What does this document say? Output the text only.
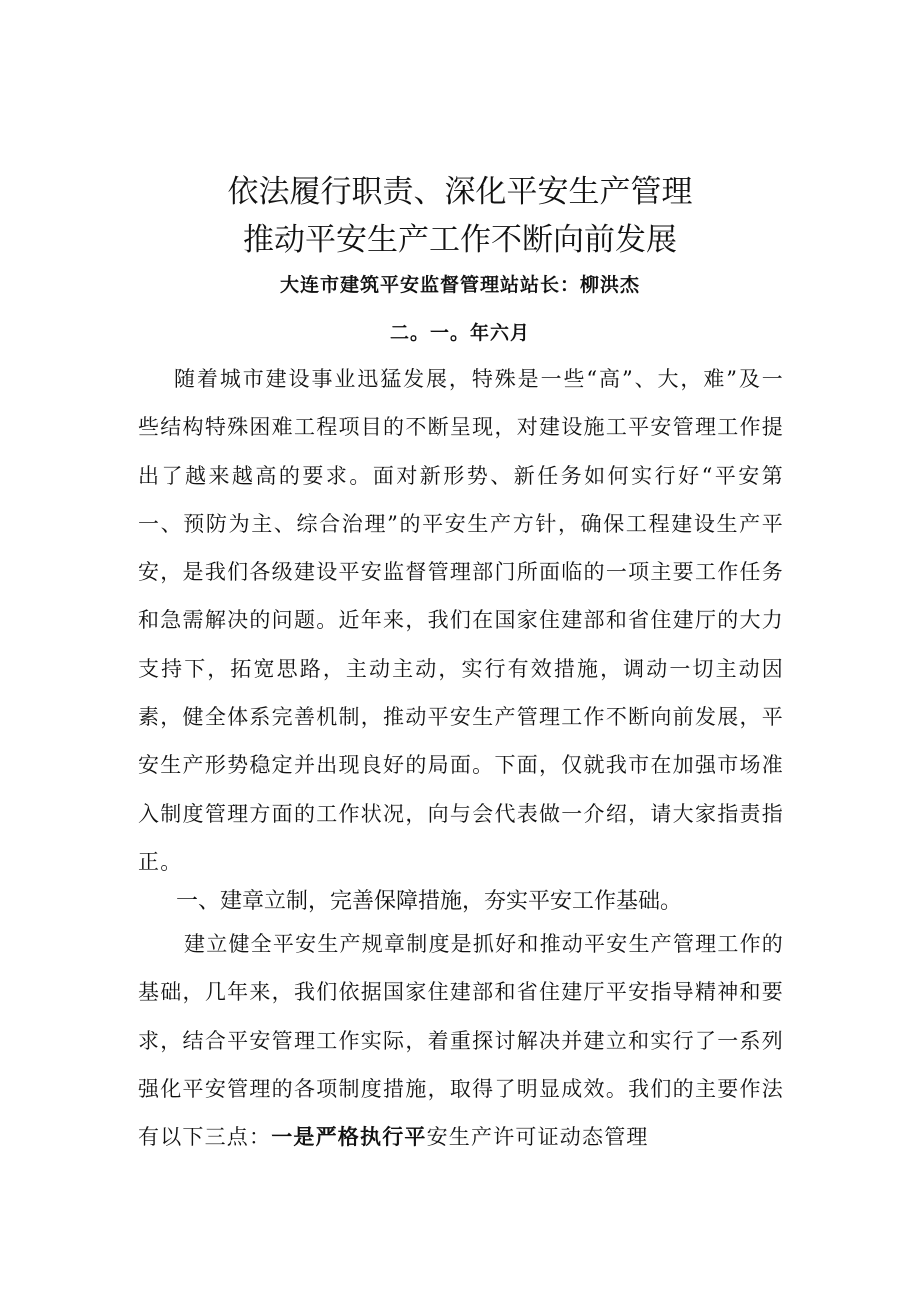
依法履行职责、深化平安生产管理
推动平安生产工作不断向前发展
大连市建筑平安监督管理站站长：柳洪杰
二。一。年六月
随着城市建设事业迅猛发展，特殊是一些“高”、大，难”及一些结构特殊困难工程项目的不断呈现，对建设施工平安管理工作提出了越来越高的要求。面对新形势、新任务如何实行好“平安第一、预防为主、综合治理”的平安生产方针，确保工程建设生产平安，是我们各级建设平安监督管理部门所面临的一项主要工作任务和急需解决的问题。近年来，我们在国家住建部和省住建厅的大力支持下，拓宽思路，主动主动，实行有效措施，调动一切主动因素，健全体系完善机制，推动平安生产管理工作不断向前发展，平安生产形势稳定并出现良好的局面。下面，仅就我市在加强市场准入制度管理方面的工作状况，向与会代表做一介绍，请大家指责指正。
一、建章立制，完善保障措施，夯实平安工作基础。
建立健全平安生产规章制度是抓好和推动平安生产管理工作的基础，几年来，我们依据国家住建部和省住建厅平安指导精神和要求，结合平安管理工作实际，着重探讨解决并建立和实行了一系列强化平安管理的各项制度措施，取得了明显成效。我们的主要作法有以下三点：一是严格执行平安生产许可证动态管理
